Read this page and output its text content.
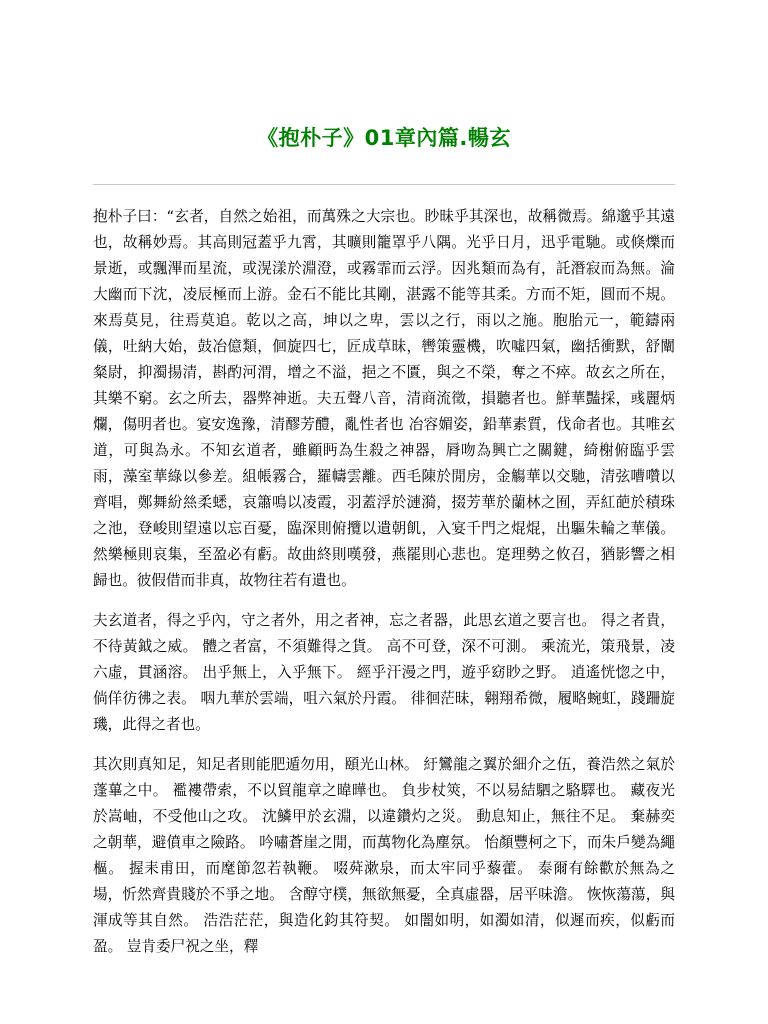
《抱朴子》01章內篇.暢玄

抱朴子曰：“玄者，自然之始祖，而萬殊之大宗也。眇昧乎其深也，故稱微焉。綿邈乎其遠也，故稱妙焉。其高則冠蓋乎九霄，其曠則籠罩乎八隅。光乎日月，迅乎電馳。或倏爍而景逝，或飄滭而星流，或滉漾於淵澄，或霧霏而云浮。因兆類而為有，託潛寂而為無。淪大幽而下沈，凌辰極而上游。金石不能比其剛，湛露不能等其柔。方而不矩，圓而不規。來焉莫見，往焉莫追。乾以之高，坤以之卑，雲以之行，雨以之施。胞胎元一，範鑄兩儀，吐納大始，鼓冶億類，佪旋四七，匠成草昧，轡策靈機，吹噓四氣，幽括衝默，舒闡粲尉，抑濁揚清，斟酌河渭，增之不溢，挹之不匱，與之不榮，奪之不瘁。故玄之所在，其樂不窮。玄之所去，器弊神逝。夫五聲八音，清商流徵，損聽者也。鮮華豔採，彧麗炳爛，傷明者也。宴安逸豫，清醪芳醴，亂性者也 冶容媚姿，鉛華素質，伐命者也。其唯玄道，可與為永。不知玄道者，雖顧眄為生殺之神器，脣吻為興亡之關鍵，綺榭俯臨乎雲雨，藻室華綠以參差。組帳霧合，羅幬雲離。西毛陳於閒房，金觴華以交馳，清弦嘈囋以齊唱，鄭舞紛𢇁柔蟋，哀簫鳴以凌霞，羽蓋浮於漣漪，掇芳華於蘭林之囿，弄紅葩於積珠之池，登峻則望遠以忘百憂，臨深則俯攬以遺朝飢，入宴千門之焜焜，出驅朱輪之華儀。然樂極則哀集，至盈必有虧。故曲終則嘆發，燕罷則心悲也。寔理勢之攸召，猶影響之相歸也。彼假借而非真，故物往若有遺也。

夫玄道者，得之乎內，守之者外，用之者神，忘之者器，此思玄道之要言也。 得之者貴，不待黃鉞之威。 體之者富，不須難得之貨。 高不可登，深不可測。 乘流光，策飛景，凌六虛，貫涵溶。 出乎無上，入乎無下。 經乎汗漫之門，遊乎窈眇之野。 逍遙恍惚之中，倘佯彷彿之表。 咽九華於雲端，咀六氣於丹霞。 徘徊茫昧，翱翔希微，履略蜿虹，踐跚旋璣，此得之者也。

其次則真知足，知足者則能肥遁勿用，頤光山林。 紆鸞龍之翼於細介之伍，養浩然之氣於蓬蓽之中。 襤褸帶索，不以貿龍章之暐曄也。 負步杖筴，不以易結駟之駱驛也。 藏夜光於嵩岫，不受他山之攻。 沈鱗甲於玄淵，以違鑽灼之災。 動息知止，無往不足。 棄赫奕之朝華，避僨車之險路。 吟嘯蒼崖之閒，而萬物化為塵氛。 怡顏豐柯之下，而朱戶變為繩樞。 握耒甫田，而麾節忽若執鞭。 啜荈漱泉，而太牢同乎藜藿。 泰爾有餘歡於無為之場，忻然齊貴賤於不爭之地。 含醇守樸，無欲無憂，全真虛器，居平味澹。 恢恢蕩蕩，與渾成等其自然。 浩浩茫茫，與造化鈞其符契。 如闇如明，如濁如清，似遲而疾，似虧而盈。 豈肯委尸祝之坐，釋
